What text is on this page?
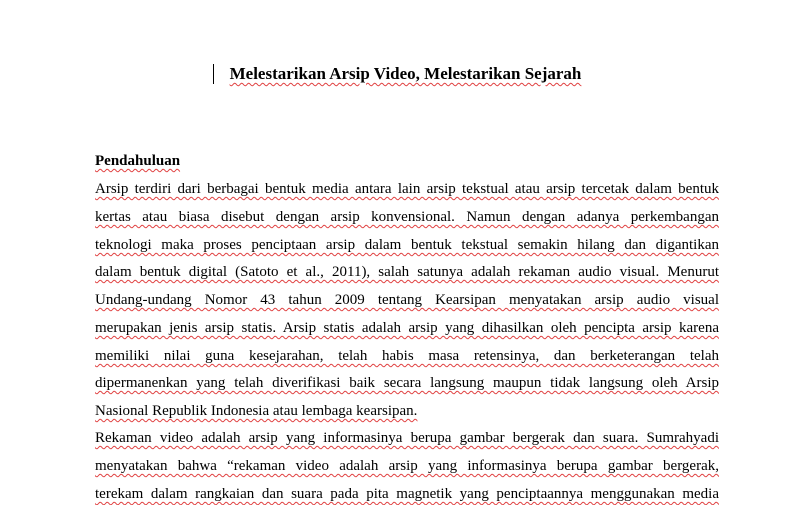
Melestarikan Arsip Video, Melestarikan Sejarah
Pendahuluan
Arsip terdiri dari berbagai bentuk media antara lain arsip tekstual atau arsip tercetak dalam bentuk
kertas atau biasa disebut dengan arsip konvensional. Namun dengan adanya perkembangan
teknologi maka proses penciptaan arsip dalam bentuk tekstual semakin hilang dan digantikan
dalam bentuk digital (Satoto et al., 2011), salah satunya adalah rekaman audio visual. Menurut
Undang-undang Nomor 43 tahun 2009 tentang Kearsipan menyatakan arsip audio visual
merupakan jenis arsip statis. Arsip statis adalah arsip yang dihasilkan oleh pencipta arsip karena
memiliki nilai guna kesejarahan, telah habis masa retensinya, dan berketerangan telah
dipermanenkan yang telah diverifikasi baik secara langsung maupun tidak langsung oleh Arsip
Nasional Republik Indonesia atau lembaga kearsipan.
Rekaman video adalah arsip yang informasinya berupa gambar bergerak dan suara. Sumrahyadi
menyatakan bahwa “rekaman video adalah arsip yang informasinya berupa gambar bergerak,
terekam dalam rangkaian dan suara pada pita magnetik yang penciptaannya menggunakan media
